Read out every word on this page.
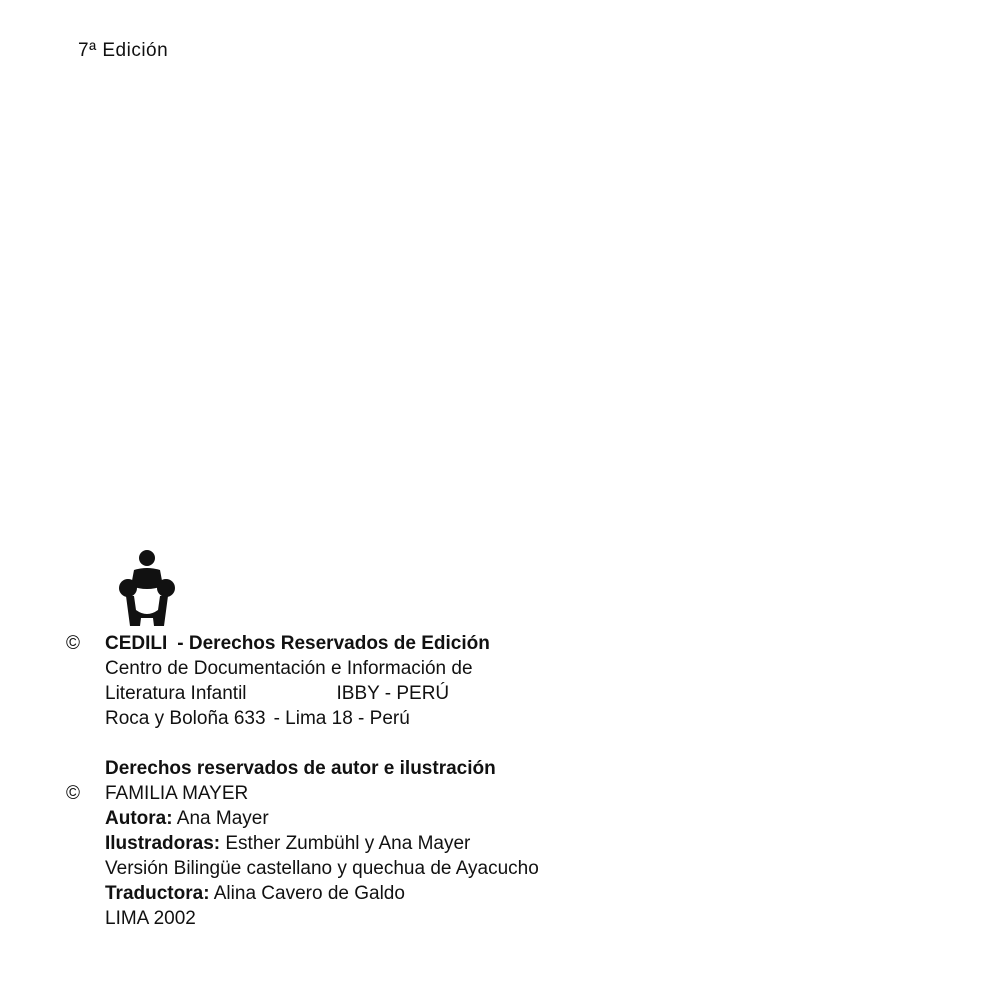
7ª Edición
© CEDILI - Derechos Reservados de Edición
Centro de Documentación e Información de
Literatura Infantil	IBBY - PERÚ
Roca y Boloña 633 - Lima 18 - Perú
©
Derechos reservados de autor e ilustración
FAMILIA MAYER
Autora: Ana Mayer
Ilustradoras: Esther Zumbühl y Ana Mayer
Versión Bilingüe castellano y quechua de Ayacucho
Traductora: Alina Cavero de Galdo
LIMA 2002
